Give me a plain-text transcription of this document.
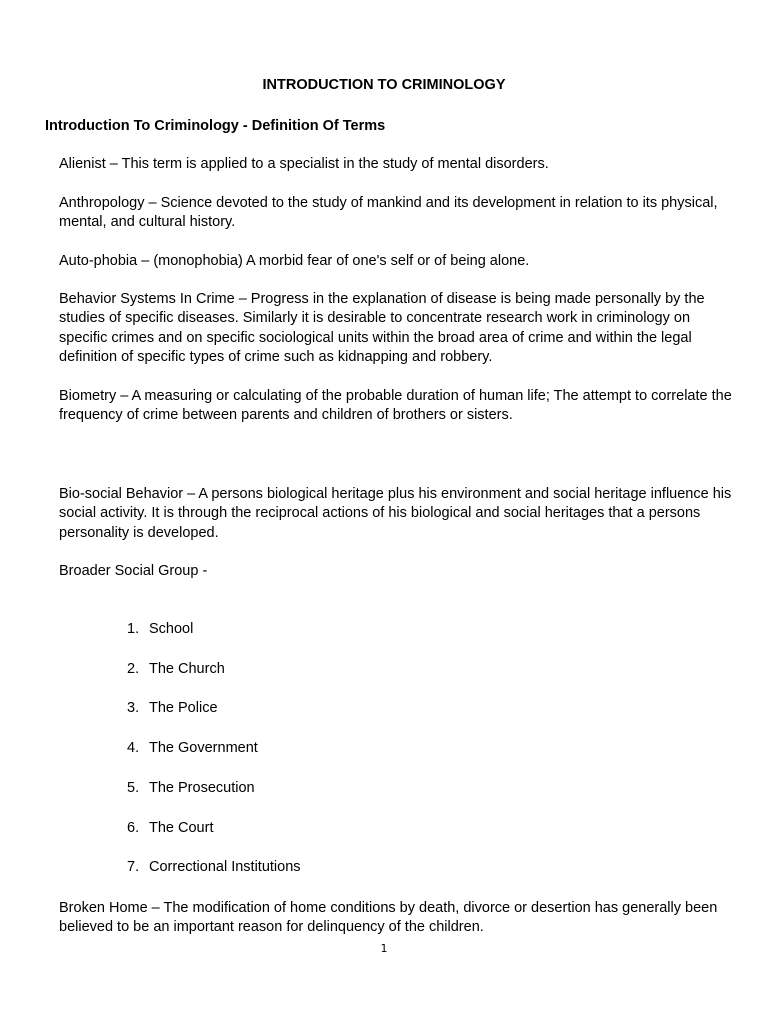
INTRODUCTION TO CRIMINOLOGY
Introduction To Criminology - Definition Of Terms
Alienist – This term is applied to a specialist in the study of mental disorders.
Anthropology – Science devoted to the study of mankind and its development in relation to its physical, mental, and cultural history.
Auto-phobia – (monophobia) A morbid fear of one's self or of being alone.
Behavior Systems In Crime – Progress in the explanation of disease is being made personally by the studies of specific diseases. Similarly it is desirable to concentrate research work in criminology on specific crimes and on specific sociological units within the broad area of crime and within the legal definition of specific types of crime such as kidnapping and robbery.
Biometry – A measuring or calculating of the probable duration of human life; The attempt to correlate the frequency of crime between parents and children of brothers or sisters.
Bio-social Behavior – A persons biological heritage plus his environment and social heritage influence his social activity. It is through the reciprocal actions of his biological and social heritages that a persons personality is developed.
Broader Social Group -
1. School
2. The Church
3. The Police
4. The Government
5. The Prosecution
6. The Court
7. Correctional Institutions
Broken Home – The modification of home conditions by death, divorce or desertion has generally been believed to be an important reason for delinquency of the children.
1
